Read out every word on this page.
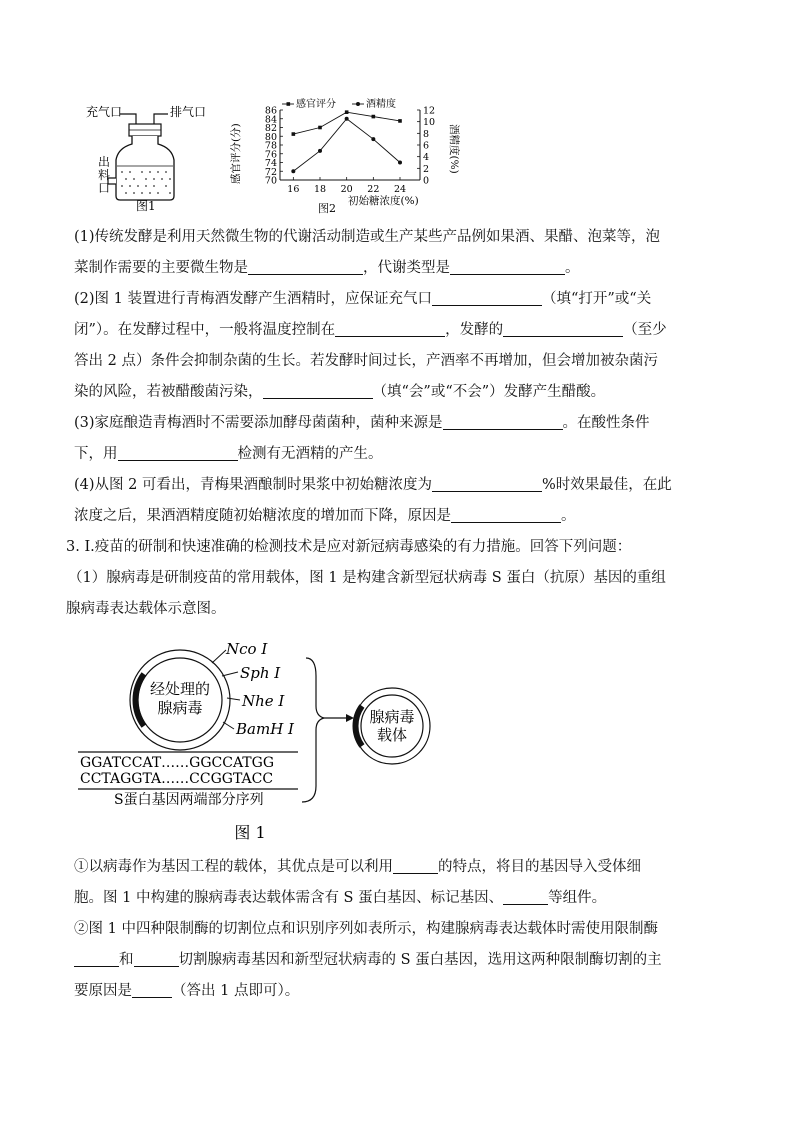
充气口	排气口
出
料
口
图1
70
72
74
76
78
80
82
84
86
0
2
4
6
8
10
12
16 18 20 22 24
感官评分	酒精度
初始糖浓度(%)
图2
感官评分(分)	酒精度(%)
(1)传统发酵是利用天然微生物的代谢活动制造或生产某些产品例如果酒、果醋、泡菜等，泡
菜制作需要的主要微生物是	，代谢类型是	。
(2)图 1 装置进行青梅酒发酵产生酒精时，应保证充气口	（填“打开”或“关
闭”）。在发酵过程中，一般将温度控制在	，发酵的	（至少
答出 2 点）条件会抑制杂菌的生长。若发酵时间过长，产酒率不再增加，但会增加被杂菌污
染的风险，若被醋酸菌污染，	（填“会”或“不会”）发酵产生醋酸。
(3)家庭酿造青梅酒时不需要添加酵母菌菌种，菌种来源是	。在酸性条件
下，用	检测有无酒精的产生。
(4)从图 2 可看出，青梅果酒酿制时果浆中初始糖浓度为	%时效果最佳，在此
浓度之后，果酒酒精度随初始糖浓度的增加而下降，原因是	。
3. Ⅰ.疫苗的研制和快速准确的检测技术是应对新冠病毒感染的有力措施。回答下列问题：
（1）腺病毒是研制疫苗的常用载体，图 1 是构建含新型冠状病毒 S 蛋白（抗原）基因的重组
腺病毒表达载体示意图。
经处理的
腺病毒
Nco Ⅰ
Sph Ⅰ
Nhe Ⅰ
BamH Ⅰ
GGATCCAT……GGCCATGG
CCTAGGTA……CCGGTACC
S蛋白基因两端部分序列
腺病毒
载体
图 1
①以病毒作为基因工程的载体，其优点是可以利用	的特点，将目的基因导入受体细
胞。图 1 中构建的腺病毒表达载体需含有 S 蛋白基因、标记基因、	等组件。
②图 1 中四种限制酶的切割位点和识别序列如表所示，构建腺病毒表达载体时需使用限制酶
和	切割腺病毒基因和新型冠状病毒的 S 蛋白基因，选用这两种限制酶切割的主
要原因是	（答出 1 点即可）。
